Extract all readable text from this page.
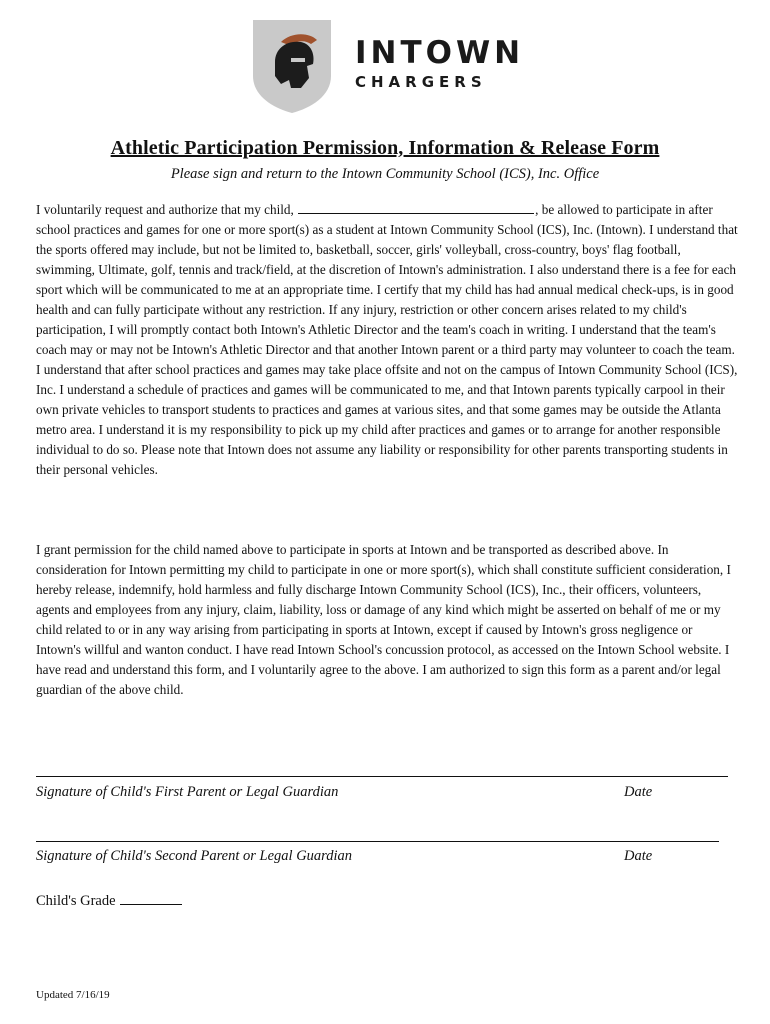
INTOWN
CHARGERS
Athletic Participation Permission, Information & Release Form
Please sign and return to the Intown Community School (ICS), Inc. Office
I voluntarily request and authorize that my child,	, be allowed to participate in after school practices and games for one or more sport(s) as a student at Intown Community School (ICS), Inc. (Intown). I understand that the sports offered may include, but not be limited to, basketball, soccer, girls' volleyball, cross-country, boys' flag football, swimming, Ultimate, golf, tennis and track/field, at the discretion of Intown's administration. I also understand there is a fee for each sport which will be communicated to me at an appropriate time. I certify that my child has had annual medical check-ups, is in good health and can fully participate without any restriction. If any injury, restriction or other concern arises related to my child's participation, I will promptly contact both Intown's Athletic Director and the team's coach in writing. I understand that the team's coach may or may not be Intown's Athletic Director and that another Intown parent or a third party may volunteer to coach the team. I understand that after school practices and games may take place offsite and not on the campus of Intown Community School (ICS), Inc. I understand a schedule of practices and games will be communicated to me, and that Intown parents typically carpool in their own private vehicles to transport students to practices and games at various sites, and that some games may be outside the Atlanta metro area. I understand it is my responsibility to pick up my child after practices and games or to arrange for another responsible individual to do so. Please note that Intown does not assume any liability or responsibility for other parents transporting students in their personal vehicles.
I grant permission for the child named above to participate in sports at Intown and be transported as described above. In consideration for Intown permitting my child to participate in one or more sport(s), which shall constitute sufficient consideration, I hereby release, indemnify, hold harmless and fully discharge Intown Community School (ICS), Inc., their officers, volunteers, agents and employees from any injury, claim, liability, loss or damage of any kind which might be asserted on behalf of me or my child related to or in any way arising from participating in sports at Intown, except if caused by Intown's gross negligence or Intown's willful and wanton conduct. I have read Intown School's concussion protocol, as accessed on the Intown School website. I have read and understand this form, and I voluntarily agree to the above. I am authorized to sign this form as a parent and/or legal guardian of the above child.
Signature of Child's First Parent or Legal Guardian	Date
Signature of Child's Second Parent or Legal Guardian	Date
Child's Grade
Updated 7/16/19
